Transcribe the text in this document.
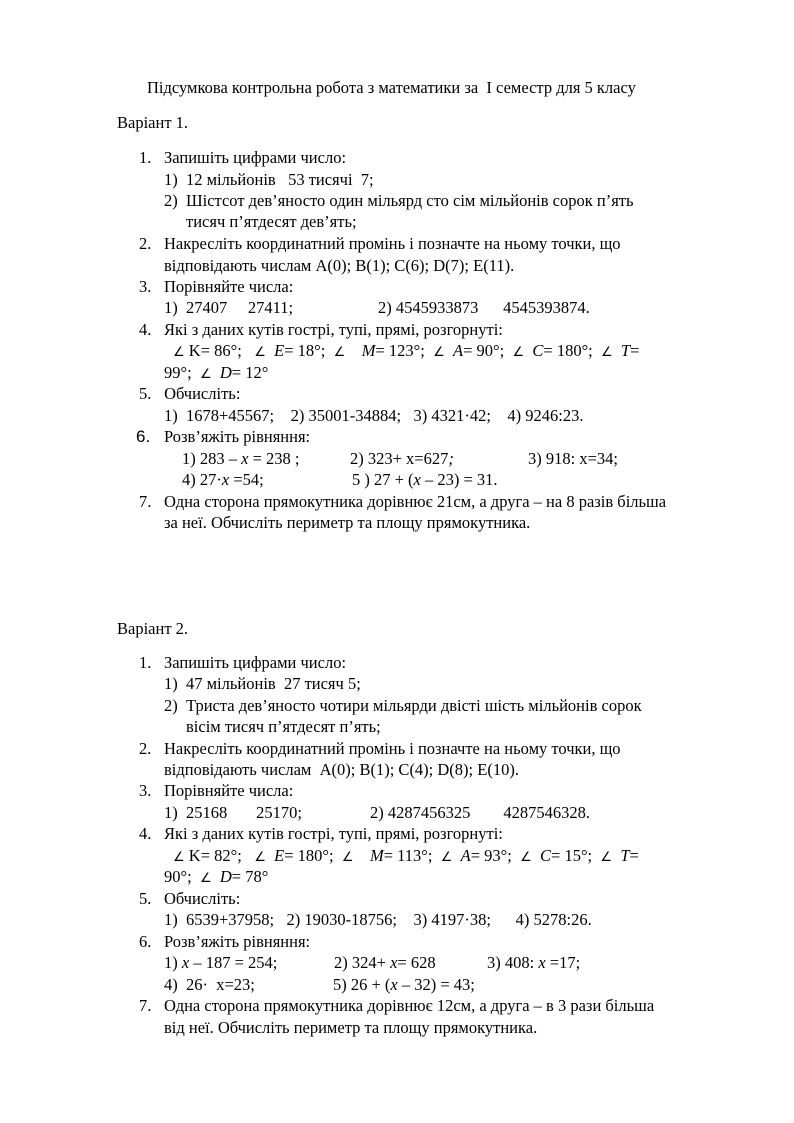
Підсумкова контрольна робота з математики за  I семестр для 5 класу
Варіант 1.
1. Запишіть цифрами число:
1)  12 мільйонів   53 тисячі  7;
2)  Шістсот дев’яносто один мільярд сто сім мільйонів сорок п’ять
тисяч п’ятдесят дев’ять;
2. Накресліть координатний промінь і позначте на ньому точки, що
відповідають числам А(0); В(1); С(6); D(7); Е(11).
3. Порівняйте числа:
1)  27407     27411;	2) 4545933873      4545393874.
4. Які з даних кутів гострі, тупі, прямі, розгорнуті:
∠ K= 86°; ∠ E= 18°; ∠ M= 123°; ∠ A= 90°; ∠ C= 180°; ∠ T=
99°; ∠ D= 12°
5. Обчисліть:
1)  1678+45567;    2) 35001-34884;   3) 4321·42;    4) 9246:23.
6. Розв’яжіть рівняння:
1) 283 – x = 238 ;	2) 323+ х=627;	3) 918: х=34;
4) 27·x =54;	5 ) 27 + (x – 23) = 31.
7. Одна сторона прямокутника дорівнює 21см, а друга – на 8 разів більша
за неї. Обчисліть периметр та площу прямокутника.
Варіант 2.
1. Запишіть цифрами число:
1)  47 мільйонів  27 тисяч 5;
2)  Триста дев’яносто чотири мільярди двісті шість мільйонів сорок
вісім тисяч п’ятдесят п’ять;
2. Накресліть координатний промінь і позначте на ньому точки, що
відповідають числам  А(0); В(1); С(4); D(8); Е(10).
3. Порівняйте числа:
1)  25168       25170;	2) 4287456325        4287546328.
4. Які з даних кутів гострі, тупі, прямі, розгорнуті:
∠ K= 82°; ∠ E= 180°; ∠ M= 113°; ∠ A= 93°; ∠ C= 15°; ∠ T=
90°; ∠ D= 78°
5. Обчисліть:
1)  6539+37958;   2) 19030-18756;    3) 4197·38;      4) 5278:26.
6. Розв’яжіть рівняння:
1) x – 187 = 254;	2) 324+ x= 628	3) 408: x =17;
4)  26·  х=23;	5) 26 + (x – 32) = 43;
7. Одна сторона прямокутника дорівнює 12см, а друга – в 3 рази більша
від неї. Обчисліть периметр та площу прямокутника.
